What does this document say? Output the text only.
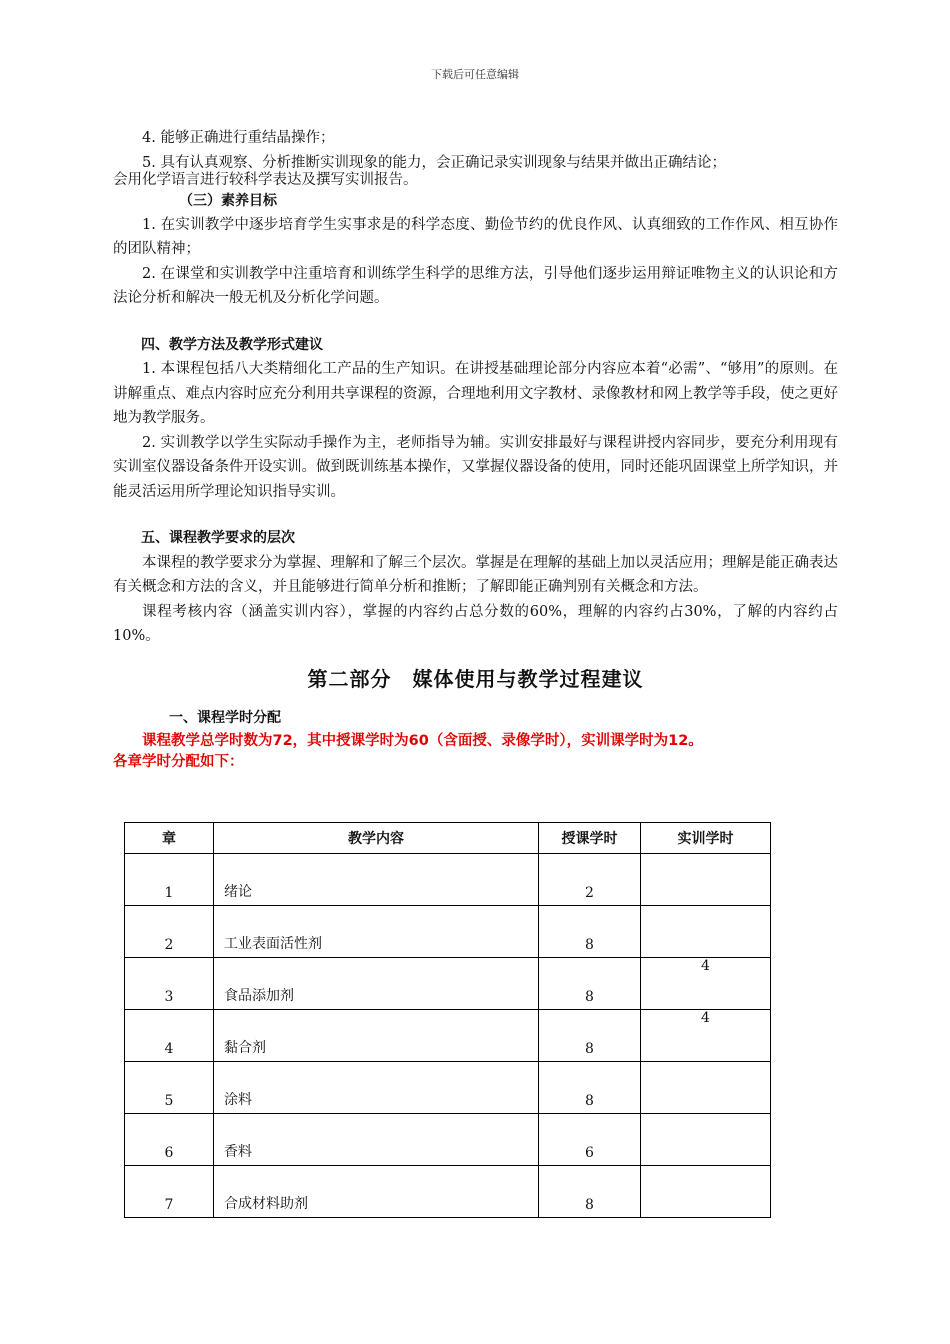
下载后可任意编辑

4. 能够正确进行重结晶操作；

5. 具有认真观察、分析推断实训现象的能力，会正确记录实训现象与结果并做出正确结论；

会用化学语言进行较科学表达及撰写实训报告。

（三）素养目标

1. 在实训教学中逐步培育学生实事求是的科学态度、勤俭节约的优良作风、认真细致的工作作风、相互协作的团队精神；

2. 在课堂和实训教学中注重培育和训练学生科学的思维方法，引导他们逐步运用辩证唯物主义的认识论和方法论分析和解决一般无机及分析化学问题。

四、教学方法及教学形式建议

1. 本课程包括八大类精细化工产品的生产知识。在讲授基础理论部分内容应本着“必需”、“够用”的原则。在讲解重点、难点内容时应充分利用共享课程的资源，合理地利用文字教材、录像教材和网上教学等手段，使之更好地为教学服务。

2. 实训教学以学生实际动手操作为主，老师指导为辅。实训安排最好与课程讲授内容同步，要充分利用现有实训室仪器设备条件开设实训。做到既训练基本操作，又掌握仪器设备的使用，同时还能巩固课堂上所学知识，并能灵活运用所学理论知识指导实训。

五、课程教学要求的层次

本课程的教学要求分为掌握、理解和了解三个层次。掌握是在理解的基础上加以灵活应用；理解是能正确表达有关概念和方法的含义，并且能够进行简单分析和推断；了解即能正确判别有关概念和方法。

课程考核内容（涵盖实训内容），掌握的内容约占总分数的60%，理解的内容约占30%，了解的内容约占10%。

第二部分　媒体使用与教学过程建议

一、课程学时分配

课程教学总学时数为72，其中授课学时为60（含面授、录像学时），实训课学时为12。

各章学时分配如下：

章	教学内容	授课学时	实训学时
1	绪论	2	
2	工业表面活性剂	8	
3	食品添加剂	8	4
4	黏合剂	8	4
5	涂料	8	
6	香料	6	
7	合成材料助剂	8	
